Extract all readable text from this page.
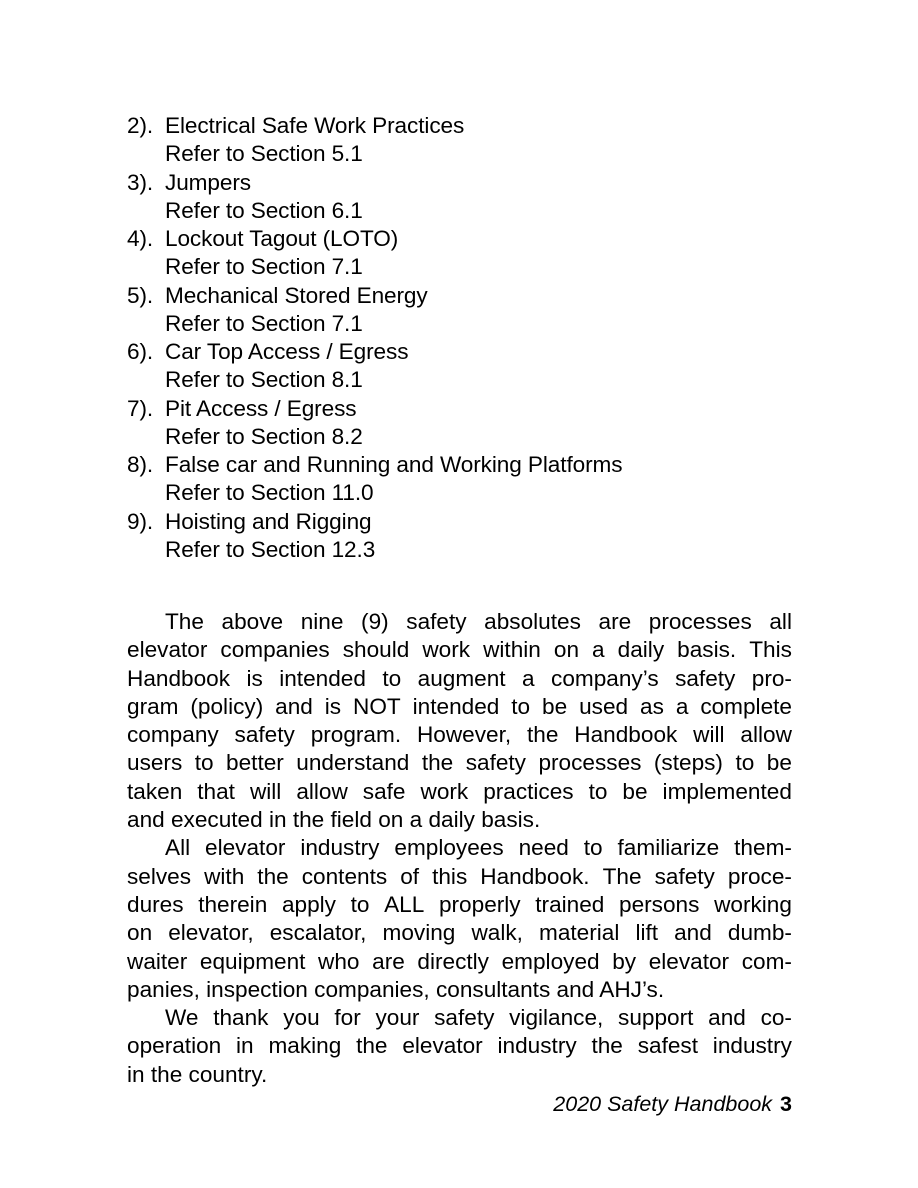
2). Electrical Safe Work Practices
Refer to Section 5.1
3). Jumpers
Refer to Section 6.1
4). Lockout Tagout (LOTO)
Refer to Section 7.1
5). Mechanical Stored Energy
Refer to Section 7.1
6). Car Top Access / Egress
Refer to Section 8.1
7). Pit Access / Egress
Refer to Section 8.2
8). False car and Running and Working Platforms
Refer to Section 11.0
9). Hoisting and Rigging
Refer to Section 12.3

The above nine (9) safety absolutes are processes all
elevator companies should work within on a daily basis. This
Handbook is intended to augment a company’s safety pro-
gram (policy) and is NOT intended to be used as a complete
company safety program. However, the Handbook will allow
users to better understand the safety processes (steps) to be
taken that will allow safe work practices to be implemented
and executed in the field on a daily basis.

All elevator industry employees need to familiarize them-
selves with the contents of this Handbook. The safety proce-
dures therein apply to ALL properly trained persons working
on elevator, escalator, moving walk, material lift and dumb-
waiter equipment who are directly employed by elevator com-
panies, inspection companies, consultants and AHJ’s.

We thank you for your safety vigilance, support and co-
operation in making the elevator industry the safest industry
in the country.

2020 Safety Handbook 3
